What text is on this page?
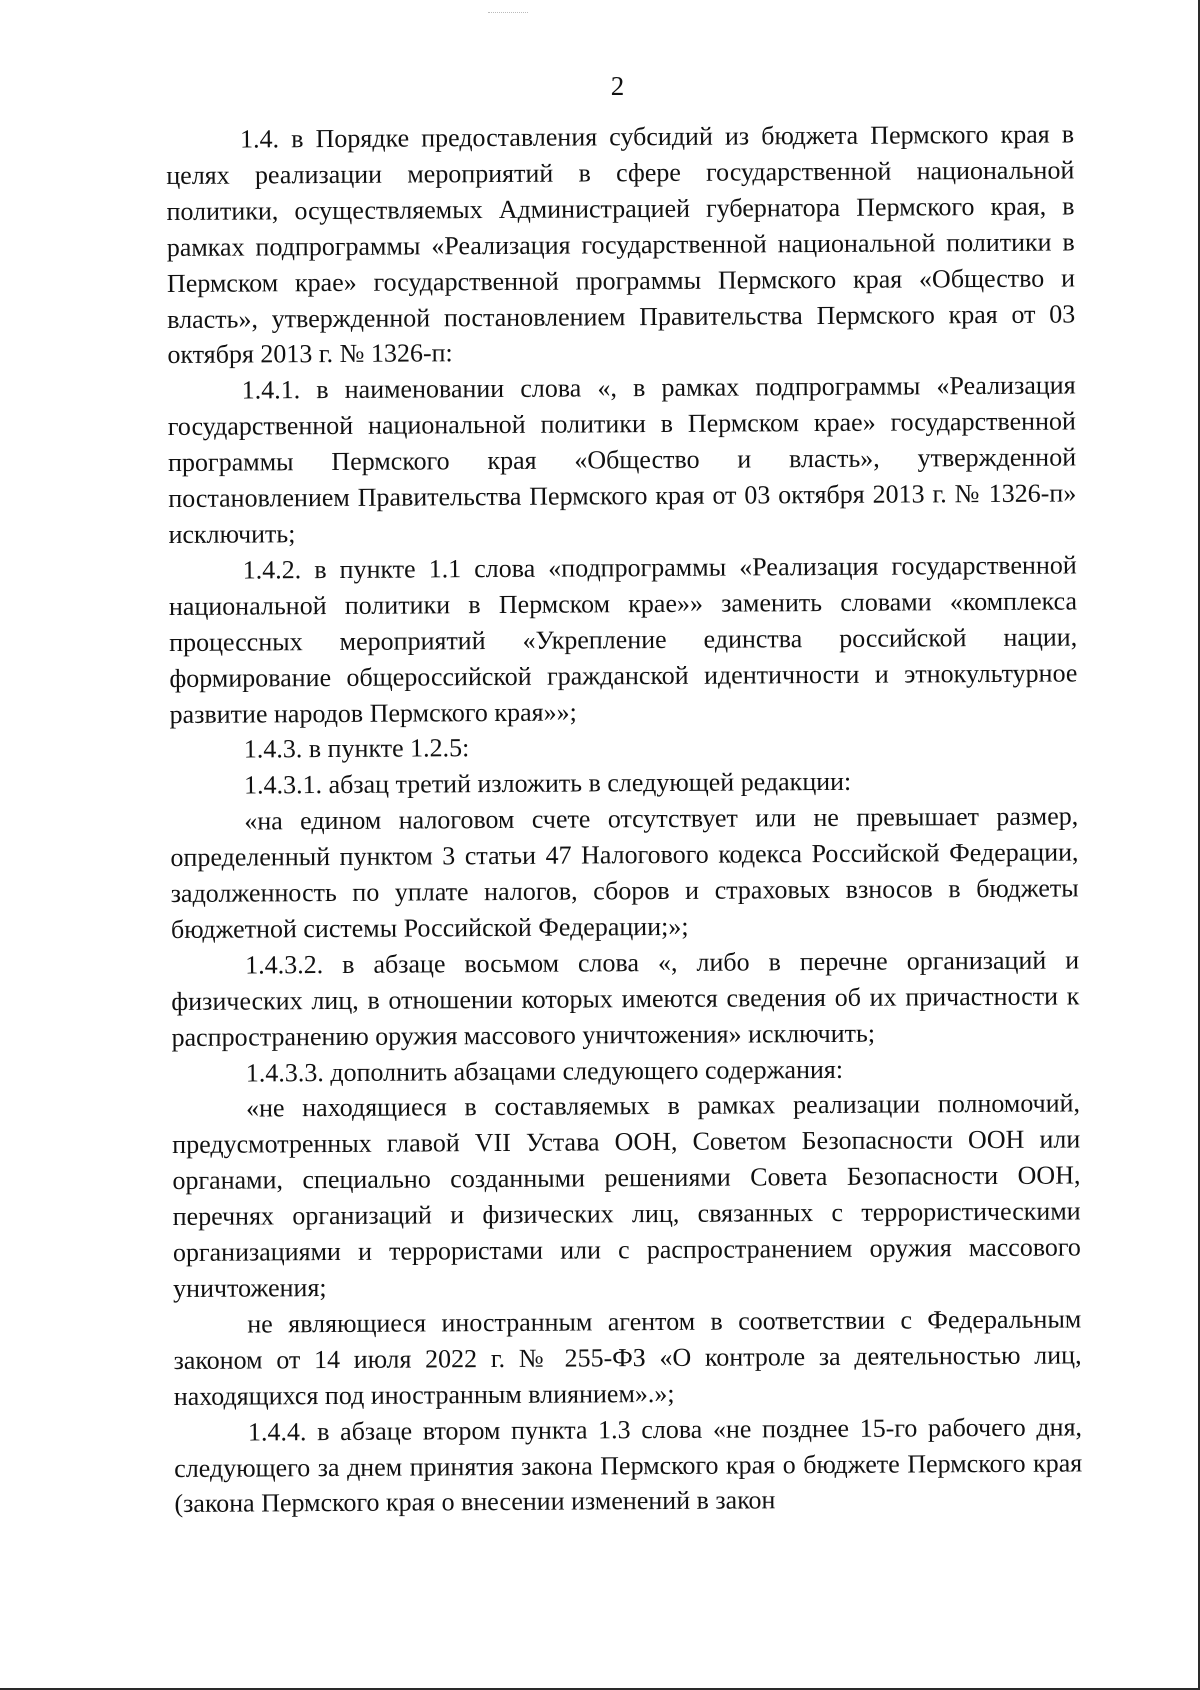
2

1.4. в Порядке предоставления субсидий из бюджета Пермского края в целях реализации мероприятий в сфере государственной национальной политики, осуществляемых Администрацией губернатора Пермского края, в рамках подпрограммы «Реализация государственной национальной политики в Пермском крае» государственной программы Пермского края «Общество и власть», утвержденной постановлением Правительства Пермского края от 03 октября 2013 г. № 1326-п:

1.4.1. в наименовании слова «, в рамках подпрограммы «Реализация государственной национальной политики в Пермском крае» государственной программы Пермского края «Общество и власть», утвержденной постановлением Правительства Пермского края от 03 октября 2013 г. № 1326-п» исключить;

1.4.2. в пункте 1.1 слова «подпрограммы «Реализация государственной национальной политики в Пермском крае»» заменить словами «комплекса процессных мероприятий «Укрепление единства российской нации, формирование общероссийской гражданской идентичности и этнокультурное развитие народов Пермского края»»;

1.4.3. в пункте 1.2.5:

1.4.3.1. абзац третий изложить в следующей редакции:

«на едином налоговом счете отсутствует или не превышает размер, определенный пунктом 3 статьи 47 Налогового кодекса Российской Федерации, задолженность по уплате налогов, сборов и страховых взносов в бюджеты бюджетной системы Российской Федерации;»;

1.4.3.2. в абзаце восьмом слова «, либо в перечне организаций и физических лиц, в отношении которых имеются сведения об их причастности к распространению оружия массового уничтожения» исключить;

1.4.3.3. дополнить абзацами следующего содержания:

«не находящиеся в составляемых в рамках реализации полномочий, предусмотренных главой VII Устава ООН, Советом Безопасности ООН или органами, специально созданными решениями Совета Безопасности ООН, перечнях организаций и физических лиц, связанных с террористическими организациями и террористами или с распространением оружия массового уничтожения;

не являющиеся иностранным агентом в соответствии с Федеральным законом от 14 июля 2022 г. № 255-ФЗ «О контроле за деятельностью лиц, находящихся под иностранным влиянием».»;

1.4.4. в абзаце втором пункта 1.3 слова «не позднее 15-го рабочего дня, следующего за днем принятия закона Пермского края о бюджете Пермского края (закона Пермского края о внесении изменений в закон
